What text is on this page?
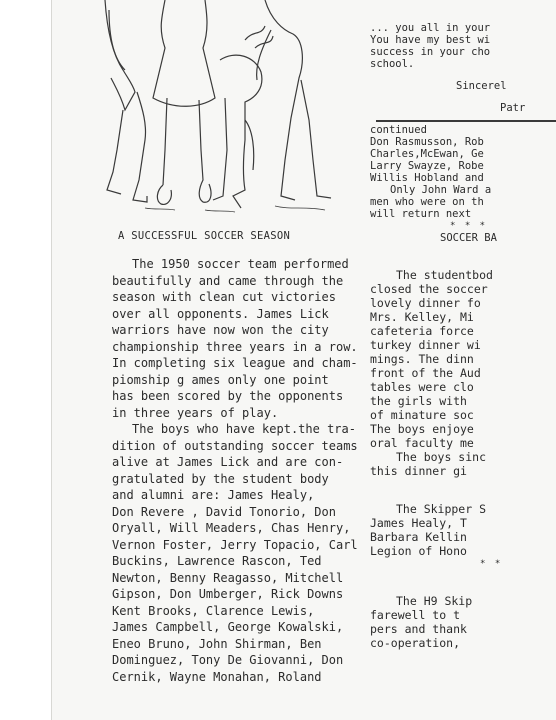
A SUCCESSFUL SOCCER SEASON

The 1950 soccer team performed

beautifully and came through the

season with clean cut victories

over all opponents. James Lick

warriors have now won the city

championship three years in a row.

In completing six league and cham-

piomship g ames only one point

has been scored by the opponents

in three years of play.

The boys who have kept.the tra-

dition of outstanding soccer teams

alive at James Lick and are con-

gratulated by the student body

and alumni are: James Healy,

Don Revere , David Tonorio, Don

Oryall, Will Meaders, Chas Henry,

Vernon Foster, Jerry Topacio, Carl

Buckins, Lawrence Rascon, Ted

Newton, Benny Reagasso, Mitchell

Gipson, Don Umberger, Rick Downs

Kent Brooks, Clarence Lewis,

James Campbell, George Kowalski,

Eneo Bruno, John Shirman, Ben

Dominguez, Tony De Giovanni, Don

Cernik, Wayne Monahan, Roland

... you all in your

You have my best wi

success in your cho

school.

Sincerel

Patr

continued

Don Rasmusson, Rob

Charles,McEwan, Ge

Larry Swayze, Robe

Willis Hobland and

Only John Ward a

men who were on th

will return next

* * *

SOCCER BA

The studentbod

closed the soccer

lovely dinner fo

Mrs. Kelley, Mi

cafeteria force

turkey dinner wi

mings. The dinn

front of the Aud

tables were clo

the girls with

of minature soc

The boys enjoye

oral faculty me

The boys sinc

this dinner gi

The Skipper S

James Healy, T

Barbara Kellin

Legion of Hono

* *

The H9 Skip

farewell to t

pers and thank

co-operation,
